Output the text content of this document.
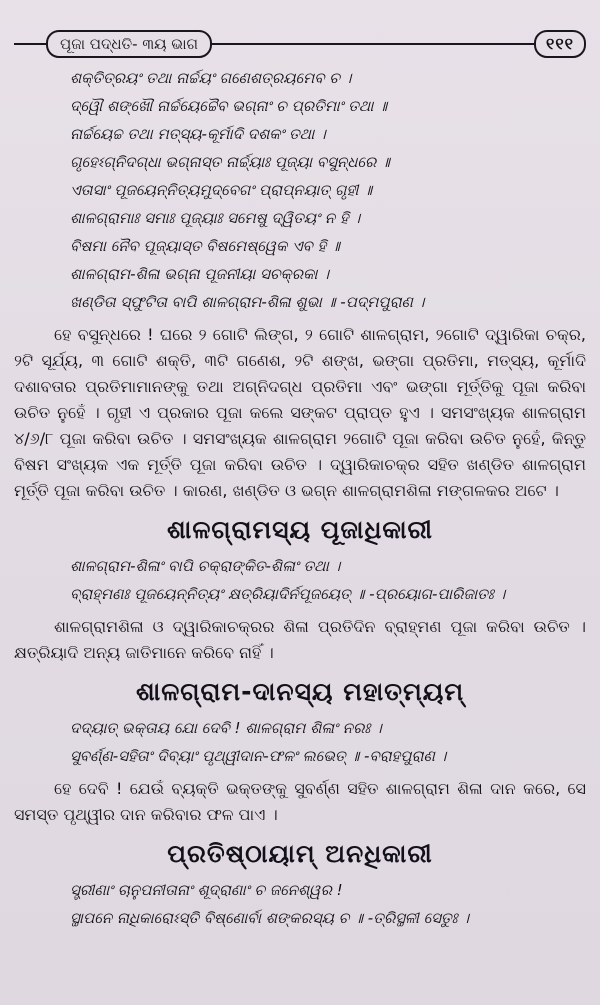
ପୂଜା ପଦ୍ଧତି- ୩ୟ ଭାଗ	୧୧୧
ଶକ୍ତିତ୍ରୟଂ ତଥା ନାର୍ଚ୍ଚୟଂ ଗଣେଶତ୍ରୟମେବ ଚ ।
ଦ୍ୱୌ ଶଙ୍ଖୌ ନାର୍ଚ୍ଚୟେଚ୍ଚୈବ ଭଗ୍ନାଂ ଚ ପ୍ରତିମାଂ ତଥା ॥
ନାର୍ଚ୍ଚୟେଚ୍ଚ ତଥା ମତ୍ସ୍ୟ-କୂର୍ମାଦି ଦଶକଂ ତଥା ।
ଗୃହେଽଗ୍ନିଦଗ୍ଧା ଭଗ୍ନାସ୍ତ ନାର୍ଚ୍ଚ୍ୟାଃ ପୂଜ୍ୟା ବସୁନ୍ଧରେ ॥
ଏତାସାଂ ପୂଜୟେନ୍ନିତ୍ୟମୁଦ୍‌ବେଗଂ ପ୍ରାପ୍ନୟାତ୍ ଗୃହୀ ॥
ଶାଳଗ୍ରାମାଃ ସମାଃ ପୂଜ୍ୟାଃ ସମେଷୁ ଦ୍ୱିତୟଂ ନ ହି ।
ବିଷମା ନୈବ ପୂଜ୍ୟାସ୍ତ ବିଷମେଷ୍ୱେକ ଏବ ହି ॥
ଶାଳଗ୍ରାମ-ଶିଳା ଭଗ୍ନା ପୂଜନୀୟା ସଚକ୍ରକା ।
ଖଣ୍ଡିତା ସ୍ଫୁଟିତା ବାପି ଶାଳଗ୍ରାମ-ଶିଳା ଶୁଭା ॥ -ପଦ୍ମପୁରାଣ ।

ହେ ବସୁନ୍ଧରେ ! ଘରେ ୨ ଗୋଟି ଲିଙ୍ଗ, ୨ ଗୋଟି ଶାଳଗ୍ରାମ, ୨ଗୋଟି ଦ୍ୱାରିକା ଚକ୍ର, ୨ଟି ସୂର୍ଯ୍ୟ, ୩ ଗୋଟି ଶକ୍ତି, ୩ଟି ଗଣେଶ, ୨ଟି ଶଙ୍ଖ, ଭଙ୍ଗା ପ୍ରତିମା, ମତ୍ସ୍ୟ, କୂର୍ମାଦି ଦଶାବତାର ପ୍ରତିମାମାନଙ୍କୁ ତଥା ଅଗ୍ନିଦଗ୍ଧ ପ୍ରତିମା ଏବଂ ଭଙ୍ଗା ମୂର୍ତ୍ତିକୁ ପୂଜା କରିବା ଉଚିତ ନୁହେଁ । ଗୃହୀ ଏ ପ୍ରକାର ପୂଜା କଲେ ସଙ୍କଟ ପ୍ରାପ୍ତ ହୁଏ । ସମସଂଖ୍ୟକ ଶାଳଗ୍ରାମ ୪/୬/୮ ପୂଜା କରିବା ଉଚିତ । ସମସଂଖ୍ୟକ ଶାଳଗ୍ରାମ ୨ଗୋଟି ପୂଜା କରିବା ଉଚିତ ନୁହେଁ, କିନ୍ତୁ ବିଷମ ସଂଖ୍ୟକ ଏକ ମୂର୍ତ୍ତି ପୂଜା କରିବା ଉଚିତ । ଦ୍ୱାରିକାଚକ୍ର ସହିତ ଖଣ୍ଡିତ ଶାଳଗ୍ରାମ ମୂର୍ତ୍ତି ପୂଜା କରିବା ଉଚିତ । କାରଣ, ଖଣ୍ଡିତ ଓ ଭଗ୍ନ ଶାଳଗ୍ରାମଶିଳା ମଙ୍ଗଳକର ଅଟେ ।

ଶାଳଗ୍ରାମସ୍ୟ ପୂଜାଧିକାରୀ
ଶାଳଗ୍ରାମ-ଶିଳାଂ ବାପି ଚକ୍ରାଙ୍କିତ-ଶିଳାଂ ତଥା ।
ବ୍ରାହ୍ମଣଃ ପୂଜୟେନ୍ନିତ୍ୟଂ କ୍ଷତ୍ରିୟାଦିର୍ନପୂଜୟେତ୍ ॥ -ପ୍ରୟୋଗ-ପାରିଜାତଃ ।

ଶାଳଗ୍ରାମଶିଳା ଓ ଦ୍ୱାରିକାଚକ୍ରର ଶିଳା ପ୍ରତିଦିନ ବ୍ରାହ୍ମଣ ପୂଜା କରିବା ଉଚିତ । କ୍ଷତ୍ରିୟାଦି ଅନ୍ୟ ଜାତିମାନେ କରିବେ ନାହିଁ ।

ଶାଳଗ୍ରାମ-ଦାନସ୍ୟ ମହାତ୍ମ୍ୟମ୍
ଦଦ୍ୟାତ୍ ଭକ୍ତାୟ ଯୋ ଦେବି ! ଶାଳଗ୍ରାମ ଶିଳାଂ ନରଃ ।
ସୁବର୍ଣ୍ଣ-ସହିତାଂ ଦିବ୍ୟାଂ ପୃଥ୍ୱୀଦାନ-ଫଳଂ ଲଭେତ୍ ॥ -ବରାହପୁରାଣ ।

ହେ ଦେବି ! ଯେଉଁ ବ୍ୟକ୍ତି ଭକ୍ତଙ୍କୁ ସୁବର୍ଣ୍ଣ ସହିତ ଶାଳଗ୍ରାମ ଶିଳା ଦାନ କରେ, ସେ ସମସ୍ତ ପୃଥ୍ୱୀର ଦାନ କରିବାର ଫଳ ପାଏ ।

ପ୍ରତିଷ୍ଠାୟାମ୍ ଅନଧିକାରୀ
ସ୍ତ୍ରୀଣାଂ ଚାନୁପନୀତାନାଂ ଶୂଦ୍ରାଣାଂ ଚ ଜନେଶ୍ୱର !
ସ୍ଥାପନେ ନାଧିକାରୋଽସ୍ତି ବିଷ୍ଣୋର୍ବା ଶଙ୍କରସ୍ୟ ଚ ॥ -ତ୍ରିସ୍ଥଳୀ ସେତୁଃ ।
